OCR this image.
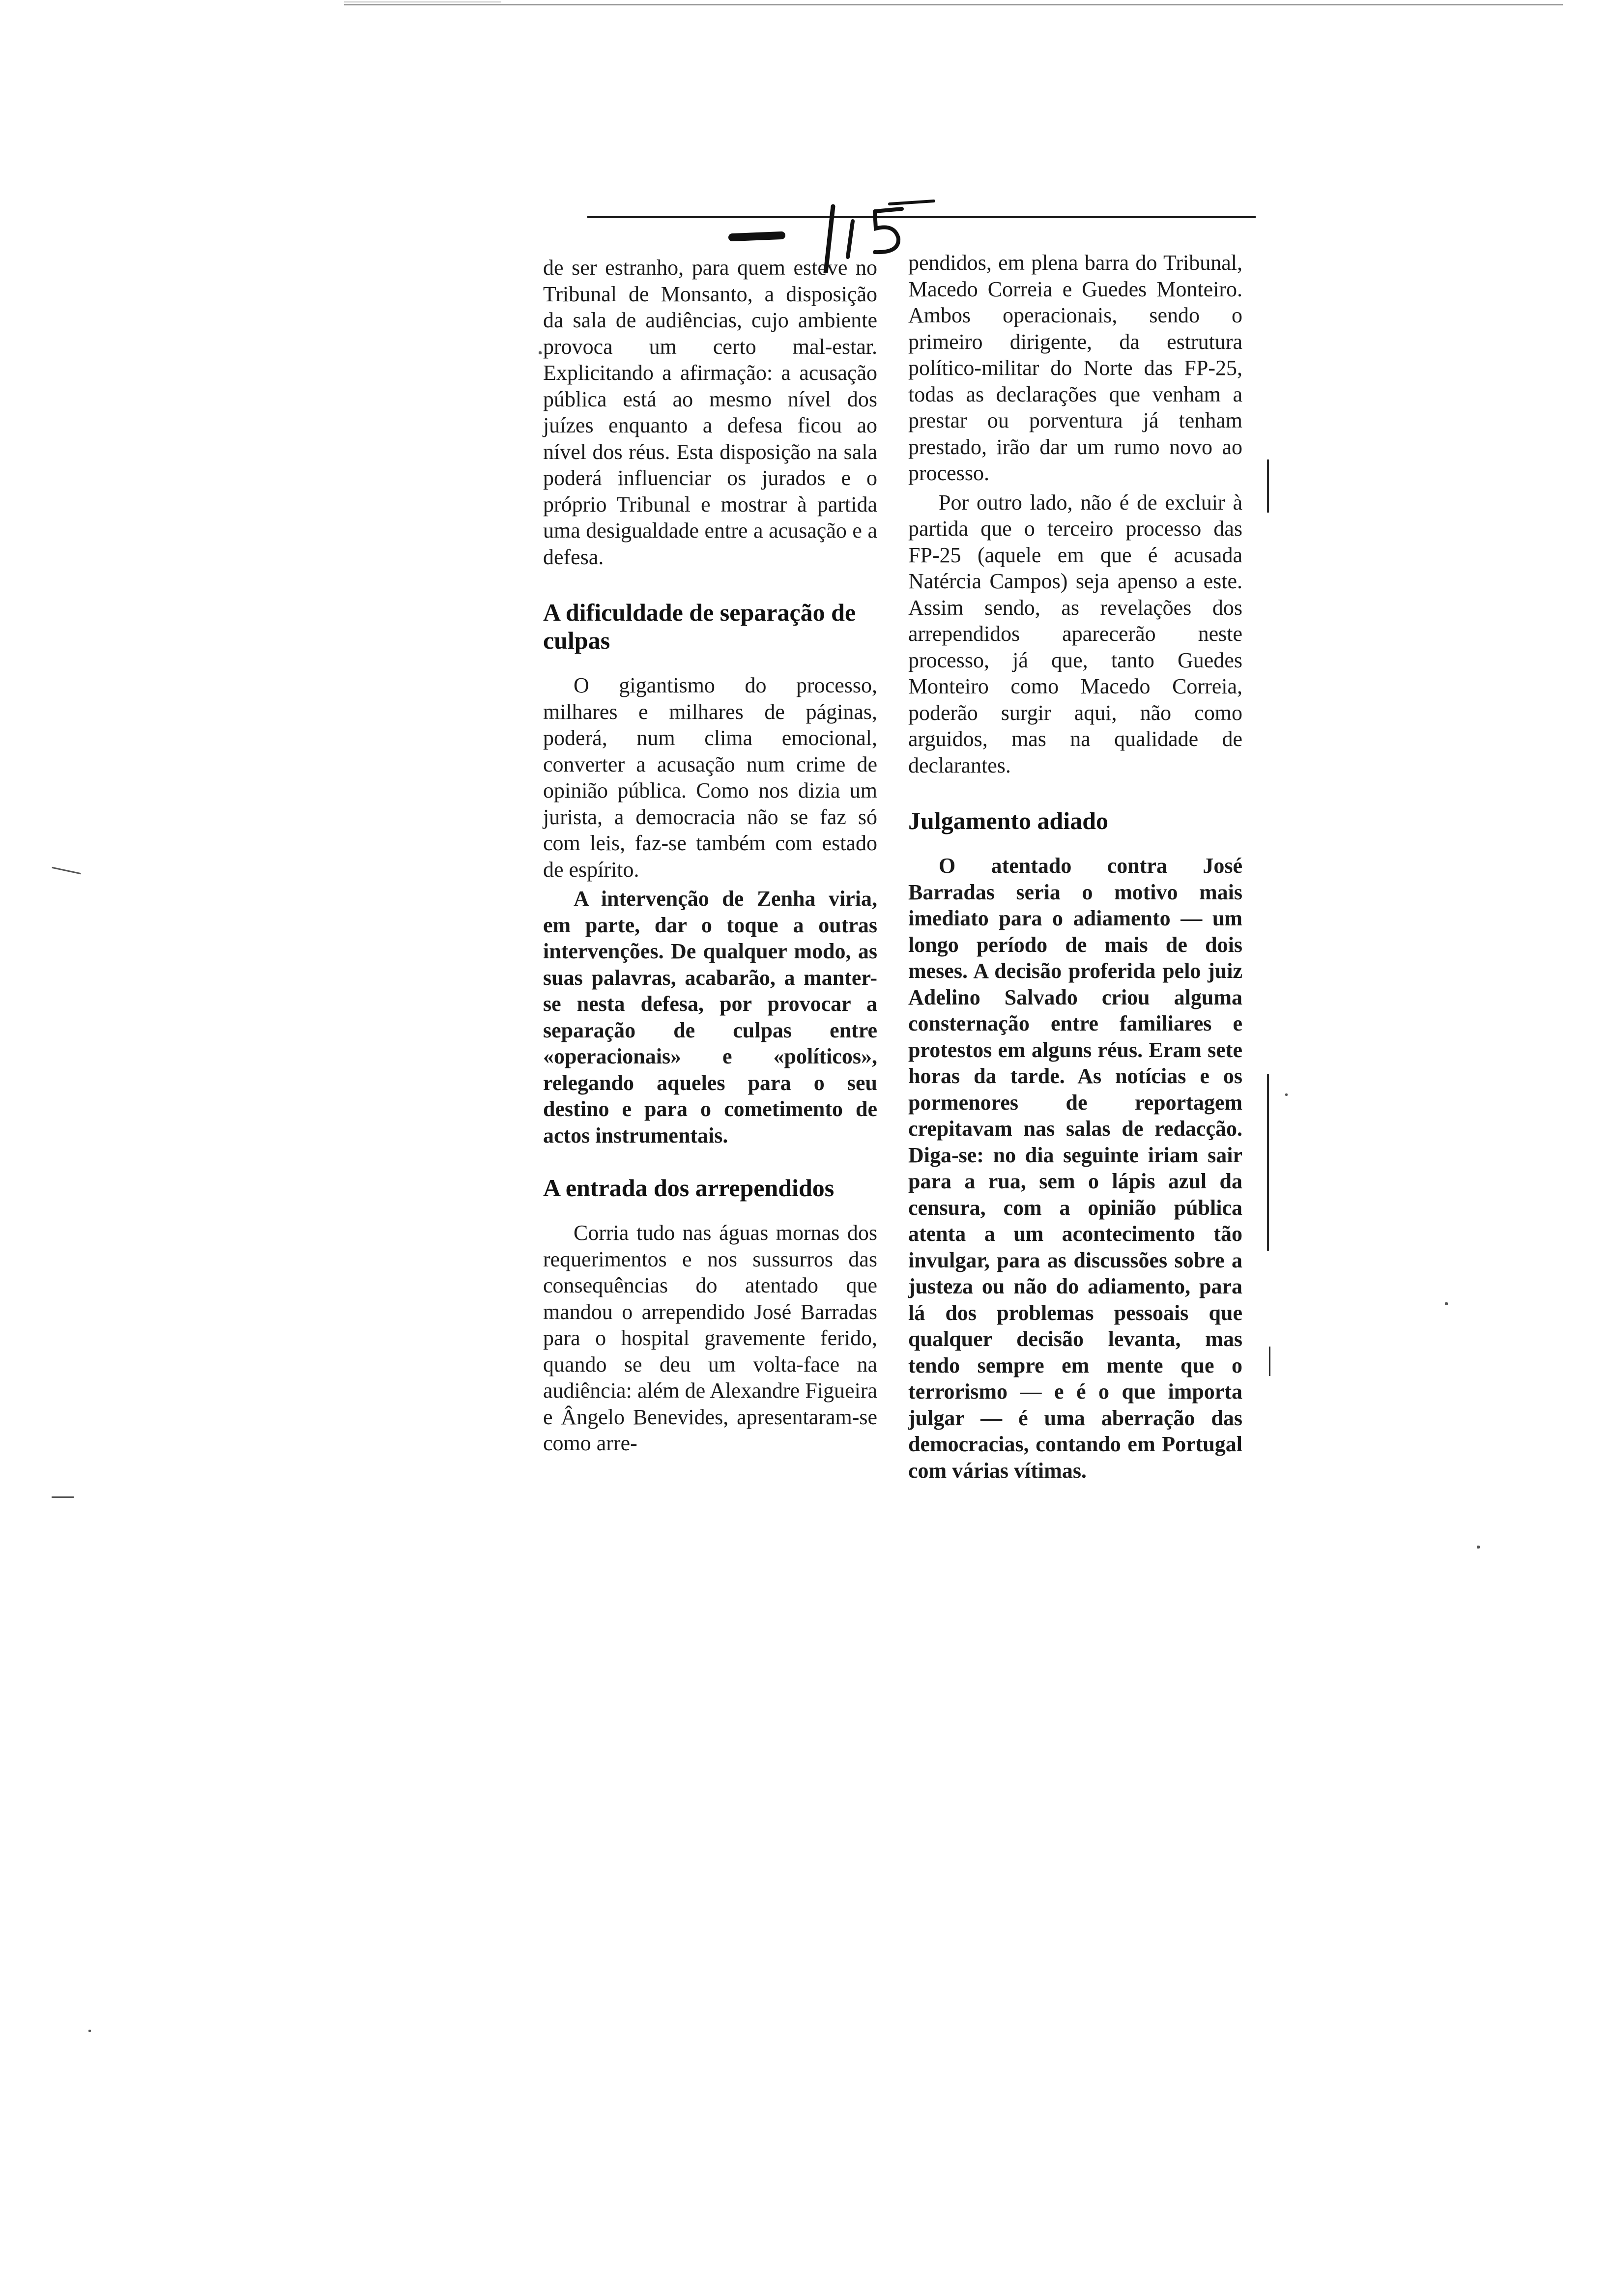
de ser estranho, para quem esteve no Tribunal de Monsanto, a disposição da sala de audiências, cujo ambiente provoca um certo mal-estar. Explicitando a afirmação: a acusação pública está ao mesmo nível dos juízes enquanto a defesa ficou ao nível dos réus. Esta disposição na sala poderá influenciar os jurados e o próprio Tribunal e mostrar à partida uma desigualdade entre a acusação e a defesa.

A dificuldade de separação de culpas

O gigantismo do processo, milhares e milhares de páginas, poderá, num clima emocional, converter a acusação num crime de opinião pública. Como nos dizia um jurista, a democracia não se faz só com leis, faz-se também com estado de espírito.

A intervenção de Zenha viria, em parte, dar o toque a outras intervenções. De qualquer modo, as suas palavras, acabarão, a manter-se nesta defesa, por provocar a separação de culpas entre «operacionais» e «políticos», relegando aqueles para o seu destino e para o cometimento de actos instrumentais.

A entrada dos arrependidos

Corria tudo nas águas mornas dos requerimentos e nos sussurros das consequências do atentado que mandou o arrependido José Barradas para o hospital gravemente ferido, quando se deu um volta-face na audiência: além de Alexandre Figueira e Ângelo Benevides, apresentaram-se como arre-

pendidos, em plena barra do Tribunal, Macedo Correia e Guedes Monteiro. Ambos operacionais, sendo o primeiro dirigente, da estrutura político-militar do Norte das FP-25, todas as declarações que venham a prestar ou porventura já tenham prestado, irão dar um rumo novo ao processo.

Por outro lado, não é de excluir à partida que o terceiro processo das FP-25 (aquele em que é acusada Natércia Campos) seja apenso a este. Assim sendo, as revelações dos arrependidos aparecerão neste processo, já que, tanto Guedes Monteiro como Macedo Correia, poderão surgir aqui, não como arguidos, mas na qualidade de declarantes.

Julgamento adiado

O atentado contra José Barradas seria o motivo mais imediato para o adiamento — um longo período de mais de dois meses. A decisão proferida pelo juiz Adelino Salvado criou alguma consternação entre familiares e protestos em alguns réus. Eram sete horas da tarde. As notícias e os pormenores de reportagem crepitavam nas salas de redacção. Diga-se: no dia seguinte iriam sair para a rua, sem o lápis azul da censura, com a opinião pública atenta a um acontecimento tão invulgar, para as discussões sobre a justeza ou não do adiamento, para lá dos problemas pessoais que qualquer decisão levanta, mas tendo sempre em mente que o terrorismo — e é o que importa julgar — é uma aberração das democracias, contando em Portugal com várias vítimas.
